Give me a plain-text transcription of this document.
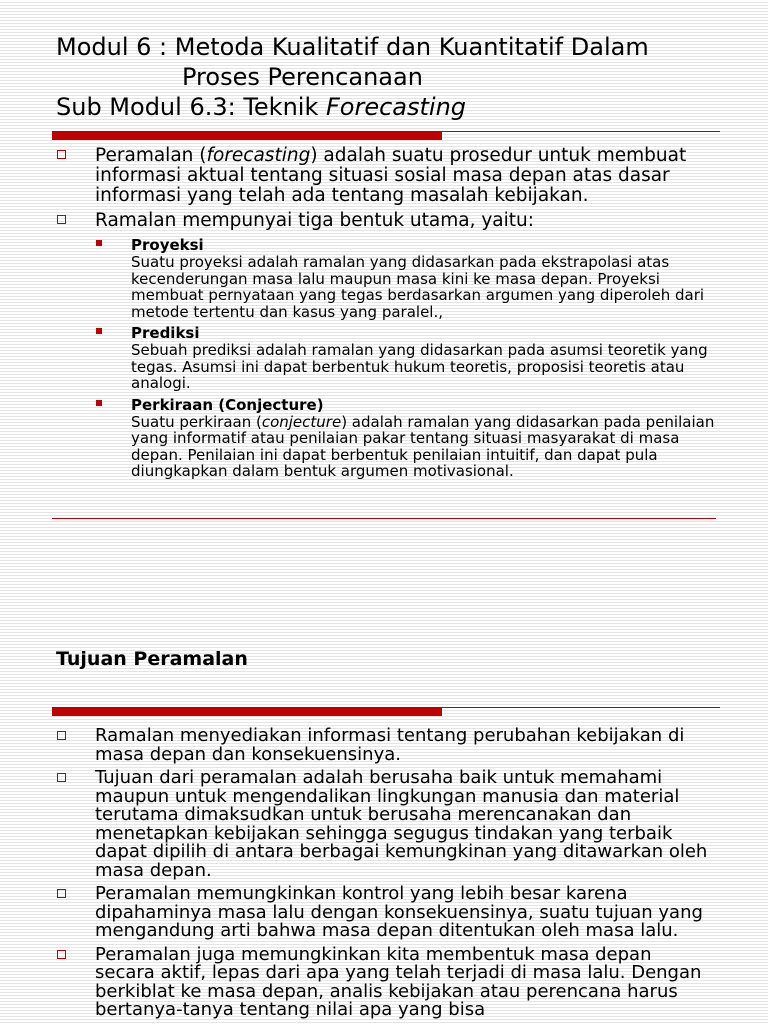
Modul 6 : Metoda Kualitatif dan Kuantitatif Dalam
Proses Perencanaan
Sub Modul 6.3: Teknik Forecasting
Peramalan (forecasting) adalah suatu prosedur untuk membuat informasi aktual tentang situasi sosial masa depan atas dasar informasi yang telah ada tentang masalah kebijakan.
Ramalan mempunyai tiga bentuk utama, yaitu:
Proyeksi
Suatu proyeksi adalah ramalan yang didasarkan pada ekstrapolasi atas kecenderungan masa lalu maupun masa kini ke masa depan. Proyeksi membuat pernyataan yang tegas berdasarkan argumen yang diperoleh dari metode tertentu dan kasus yang paralel.,
Prediksi
Sebuah prediksi adalah ramalan yang didasarkan pada asumsi teoretik yang tegas. Asumsi ini dapat berbentuk hukum teoretis, proposisi teoretis atau analogi.
Perkiraan (Conjecture)
Suatu perkiraan (conjecture) adalah ramalan yang didasarkan pada penilaian yang informatif atau penilaian pakar tentang situasi masyarakat di masa depan. Penilaian ini dapat berbentuk penilaian intuitif, dan dapat pula diungkapkan dalam bentuk argumen motivasional.
Tujuan Peramalan
Ramalan menyediakan informasi tentang perubahan kebijakan di masa depan dan konsekuensinya.
Tujuan dari peramalan adalah berusaha baik untuk memahami maupun untuk mengendalikan lingkungan manusia dan material terutama dimaksudkan untuk berusaha merencanakan dan menetapkan kebijakan sehingga segugus tindakan yang terbaik dapat dipilih di antara berbagai kemungkinan yang ditawarkan oleh masa depan.
Peramalan memungkinkan kontrol yang lebih besar karena dipahaminya masa lalu dengan konsekuensinya, suatu tujuan yang mengandung arti bahwa masa depan ditentukan oleh masa lalu.
Peramalan juga memungkinkan kita membentuk masa depan secara aktif, lepas dari apa yang telah terjadi di masa lalu. Dengan berkiblat ke masa depan, analis kebijakan atau perencana harus bertanya-tanya tentang nilai apa yang bisa
